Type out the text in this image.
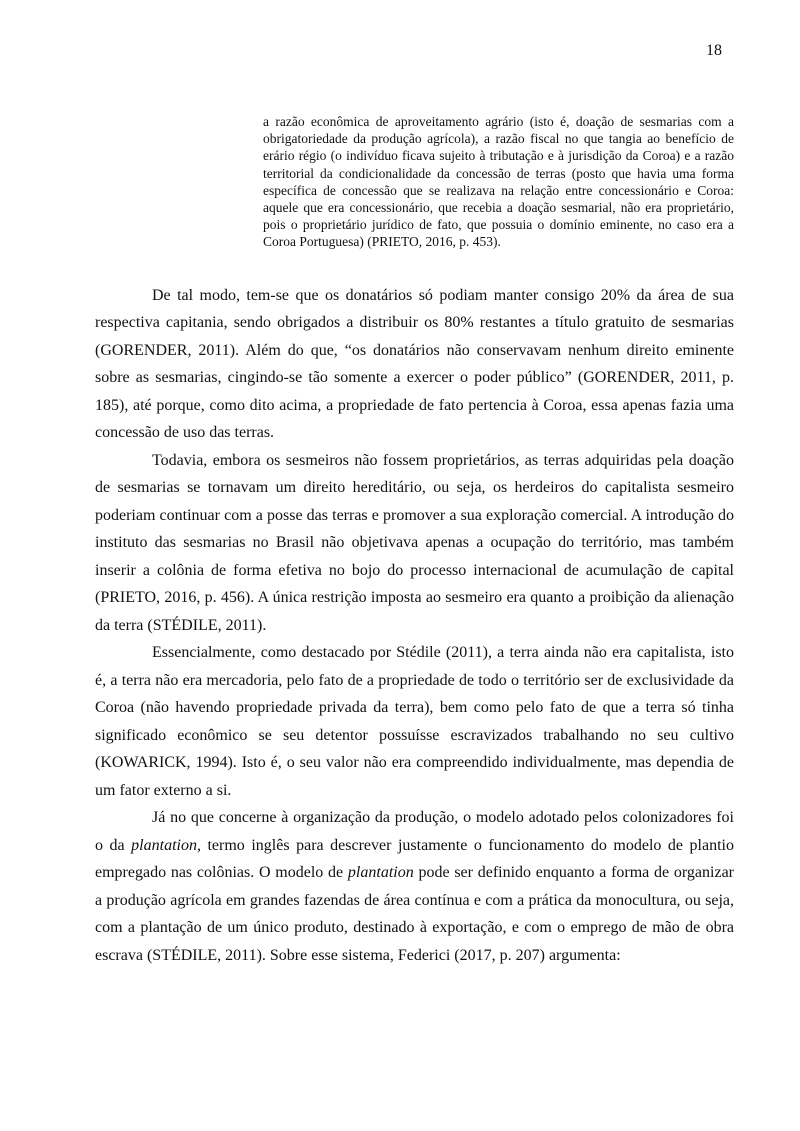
18
a razão econômica de aproveitamento agrário (isto é, doação de sesmarias com a obrigatoriedade da produção agrícola), a razão fiscal no que tangia ao benefício de erário régio (o indivíduo ficava sujeito à tributação e à jurisdição da Coroa) e a razão territorial da condicionalidade da concessão de terras (posto que havia uma forma específica de concessão que se realizava na relação entre concessionário e Coroa: aquele que era concessionário, que recebia a doação sesmarial, não era proprietário, pois o proprietário jurídico de fato, que possuia o domínio eminente, no caso era a Coroa Portuguesa) (PRIETO, 2016, p. 453).

De tal modo, tem-se que os donatários só podiam manter consigo 20% da área de sua respectiva capitania, sendo obrigados a distribuir os 80% restantes a título gratuito de sesmarias (GORENDER, 2011). Além do que, “os donatários não conservavam nenhum direito eminente sobre as sesmarias, cingindo-se tão somente a exercer o poder público” (GORENDER, 2011, p. 185), até porque, como dito acima, a propriedade de fato pertencia à Coroa, essa apenas fazia uma concessão de uso das terras.

Todavia, embora os sesmeiros não fossem proprietários, as terras adquiridas pela doação de sesmarias se tornavam um direito hereditário, ou seja, os herdeiros do capitalista sesmeiro poderiam continuar com a posse das terras e promover a sua exploração comercial. A introdução do instituto das sesmarias no Brasil não objetivava apenas a ocupação do território, mas também inserir a colônia de forma efetiva no bojo do processo internacional de acumulação de capital (PRIETO, 2016, p. 456). A única restrição imposta ao sesmeiro era quanto a proibição da alienação da terra (STÉDILE, 2011).

Essencialmente, como destacado por Stédile (2011), a terra ainda não era capitalista, isto é, a terra não era mercadoria, pelo fato de a propriedade de todo o território ser de exclusividade da Coroa (não havendo propriedade privada da terra), bem como pelo fato de que a terra só tinha significado econômico se seu detentor possuísse escravizados trabalhando no seu cultivo (KOWARICK, 1994). Isto é, o seu valor não era compreendido individualmente, mas dependia de um fator externo a si.

Já no que concerne à organização da produção, o modelo adotado pelos colonizadores foi o da plantation, termo inglês para descrever justamente o funcionamento do modelo de plantio empregado nas colônias. O modelo de plantation pode ser definido enquanto a forma de organizar a produção agrícola em grandes fazendas de área contínua e com a prática da monocultura, ou seja, com a plantação de um único produto, destinado à exportação, e com o emprego de mão de obra escrava (STÉDILE, 2011). Sobre esse sistema, Federici (2017, p. 207) argumenta:
